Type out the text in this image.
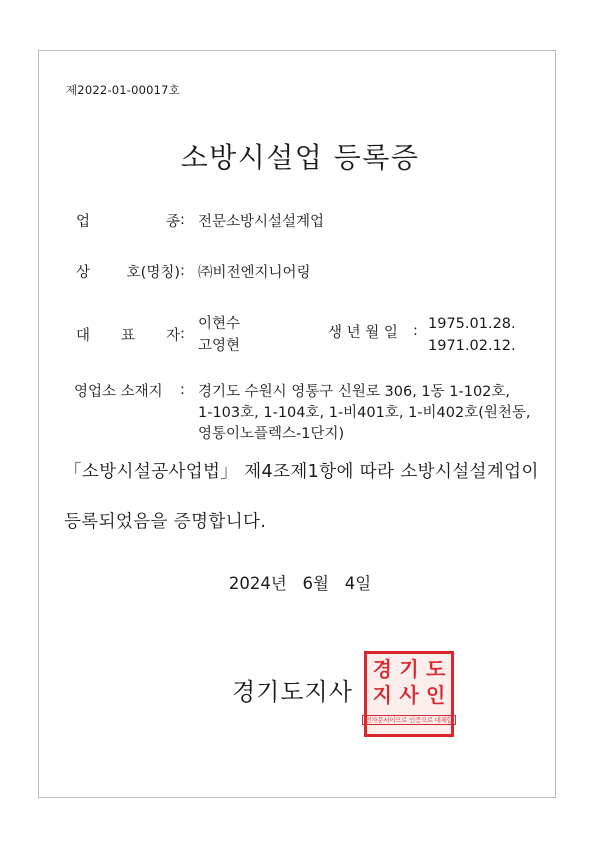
제2022-01-00017호
소방시설업 등록증
업	종 : 전문소방시설설계업
상	호(명칭) : ㈜비전엔지니어링
대 표 자 :
이현수
고영현
생 년 월 일 : 1975.01.28.
1971.02.12.
영업소 소재지 : 경기도 수원시 영통구 신원로 306, 1동 1-102호,
1-103호, 1-104호, 1-비401호, 1-비402호(원천동,
영통이노플렉스-1단지)
「소방시설공사업법」 제4조제1항에 따라 소방시설설계업이
등록되었음을 증명합니다.
2024년   6월   4일
경기도지사
경 기 도
지 사 인
전자문서이므로 인증으로 대체함
